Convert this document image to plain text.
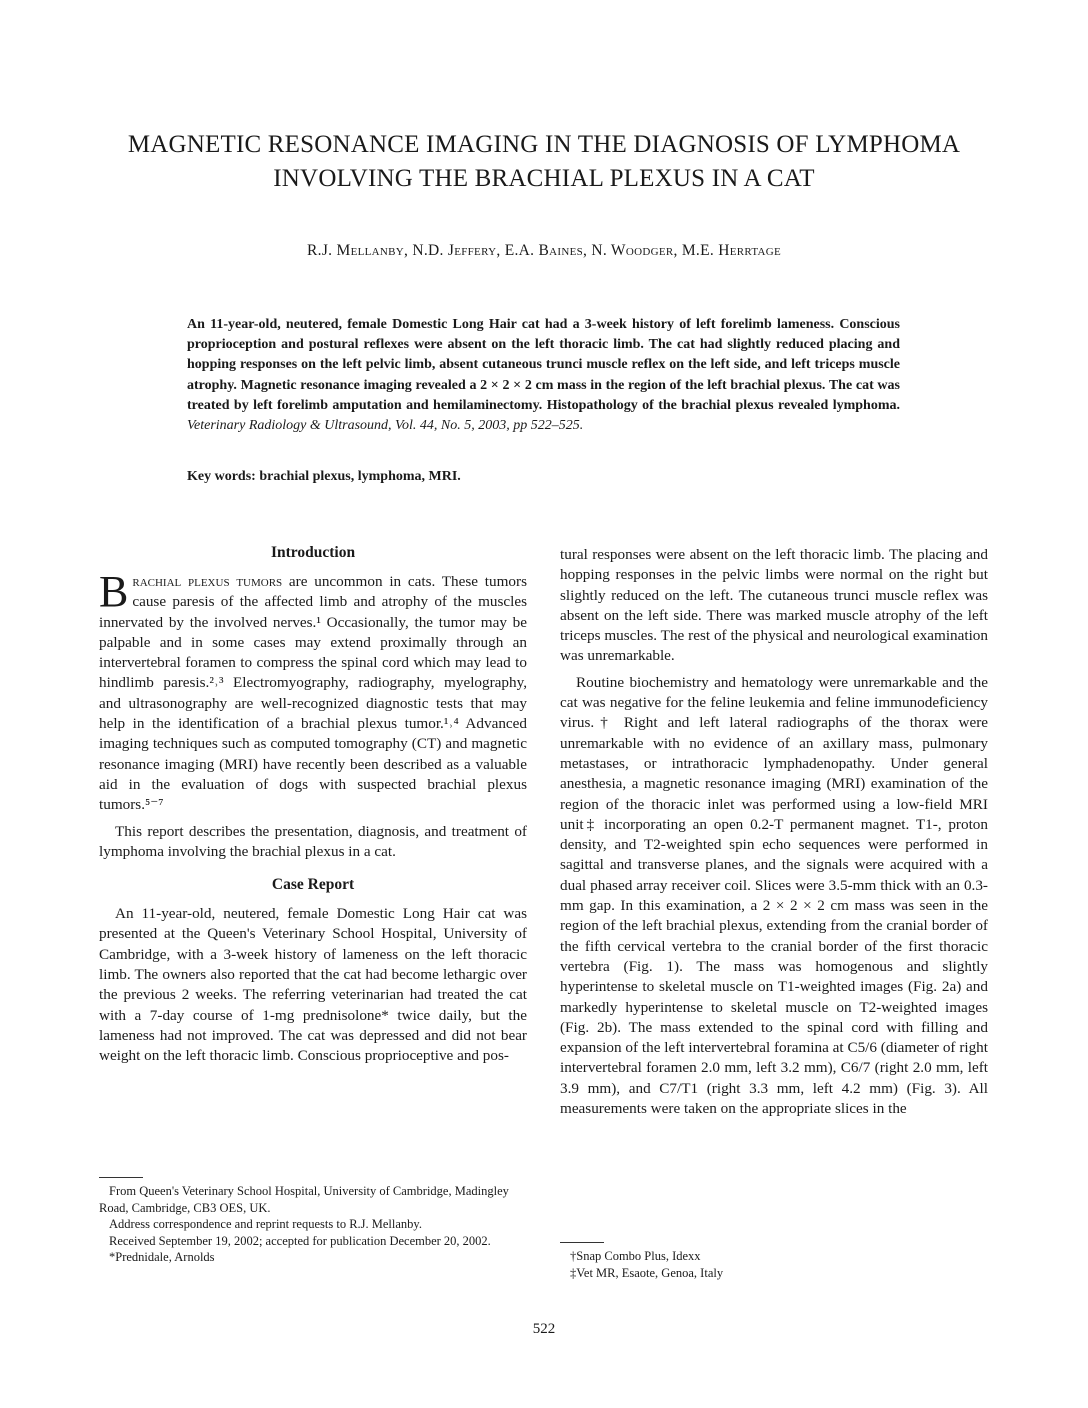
MAGNETIC RESONANCE IMAGING IN THE DIAGNOSIS OF LYMPHOMA
INVOLVING THE BRACHIAL PLEXUS IN A CAT
R.J. Mellanby, N.D. Jeffery, E.A. Baines, N. Woodger, M.E. Herrtage
An 11-year-old, neutered, female Domestic Long Hair cat had a 3-week history of left forelimb lameness. Conscious proprioception and postural reflexes were absent on the left thoracic limb. The cat had slightly reduced placing and hopping responses on the left pelvic limb, absent cutaneous trunci muscle reflex on the left side, and left triceps muscle atrophy. Magnetic resonance imaging revealed a 2 × 2 × 2 cm mass in the region of the left brachial plexus. The cat was treated by left forelimb amputation and hemilaminectomy. Histopathology of the brachial plexus revealed lymphoma. Veterinary Radiology & Ultrasound, Vol. 44, No. 5, 2003, pp 522–525.
Key words: brachial plexus, lymphoma, MRI.
Introduction

Brachial plexus tumors are uncommon in cats. These tumors cause paresis of the affected limb and atrophy of the muscles innervated by the involved nerves.¹ Occasionally, the tumor may be palpable and in some cases may extend proximally through an intervertebral foramen to compress the spinal cord which may lead to hindlimb paresis.²˒³ Electromyography, radiography, myelography, and ultrasonography are well-recognized diagnostic tests that may help in the identification of a brachial plexus tumor.¹˒⁴ Advanced imaging techniques such as computed tomography (CT) and magnetic resonance imaging (MRI) have recently been described as a valuable aid in the evaluation of dogs with suspected brachial plexus tumors.⁵⁻⁷

This report describes the presentation, diagnosis, and treatment of lymphoma involving the brachial plexus in a cat.

Case Report

An 11-year-old, neutered, female Domestic Long Hair cat was presented at the Queen's Veterinary School Hospital, University of Cambridge, with a 3-week history of lameness on the left thoracic limb. The owners also reported that the cat had become lethargic over the previous 2 weeks. The referring veterinarian had treated the cat with a 7-day course of 1-mg prednisolone* twice daily, but the lameness had not improved. The cat was depressed and did not bear weight on the left thoracic limb. Conscious proprioceptive and pos-

From Queen's Veterinary School Hospital, University of Cambridge, Madingley Road, Cambridge, CB3 OES, UK.

Address correspondence and reprint requests to R.J. Mellanby.

Received September 19, 2002; accepted for publication December 20, 2002.

*Prednidale, Arnolds

tural responses were absent on the left thoracic limb. The placing and hopping responses in the pelvic limbs were normal on the right but slightly reduced on the left. The cutaneous trunci muscle reflex was absent on the left side. There was marked muscle atrophy of the left triceps muscles. The rest of the physical and neurological examination was unremarkable.

Routine biochemistry and hematology were unremarkable and the cat was negative for the feline leukemia and feline immunodeficiency virus.† Right and left lateral radiographs of the thorax were unremarkable with no evidence of an axillary mass, pulmonary metastases, or intrathoracic lymphadenopathy. Under general anesthesia, a magnetic resonance imaging (MRI) examination of the region of the thoracic inlet was performed using a low-field MRI unit‡ incorporating an open 0.2-T permanent magnet. T1-, proton density, and T2-weighted spin echo sequences were performed in sagittal and transverse planes, and the signals were acquired with a dual phased array receiver coil. Slices were 3.5-mm thick with an 0.3-mm gap. In this examination, a 2 × 2 × 2 cm mass was seen in the region of the left brachial plexus, extending from the cranial border of the fifth cervical vertebra to the cranial border of the first thoracic vertebra (Fig. 1). The mass was homogenous and slightly hyperintense to skeletal muscle on T1-weighted images (Fig. 2a) and markedly hyperintense to skeletal muscle on T2-weighted images (Fig. 2b). The mass extended to the spinal cord with filling and expansion of the left intervertebral foramina at C5/6 (diameter of right intervertebral foramen 2.0 mm, left 3.2 mm), C6/7 (right 2.0 mm, left 3.9 mm), and C7/T1 (right 3.3 mm, left 4.2 mm) (Fig. 3). All measurements were taken on the appropriate slices in the

†Snap Combo Plus, Idexx

‡Vet MR, Esaote, Genoa, Italy

522
